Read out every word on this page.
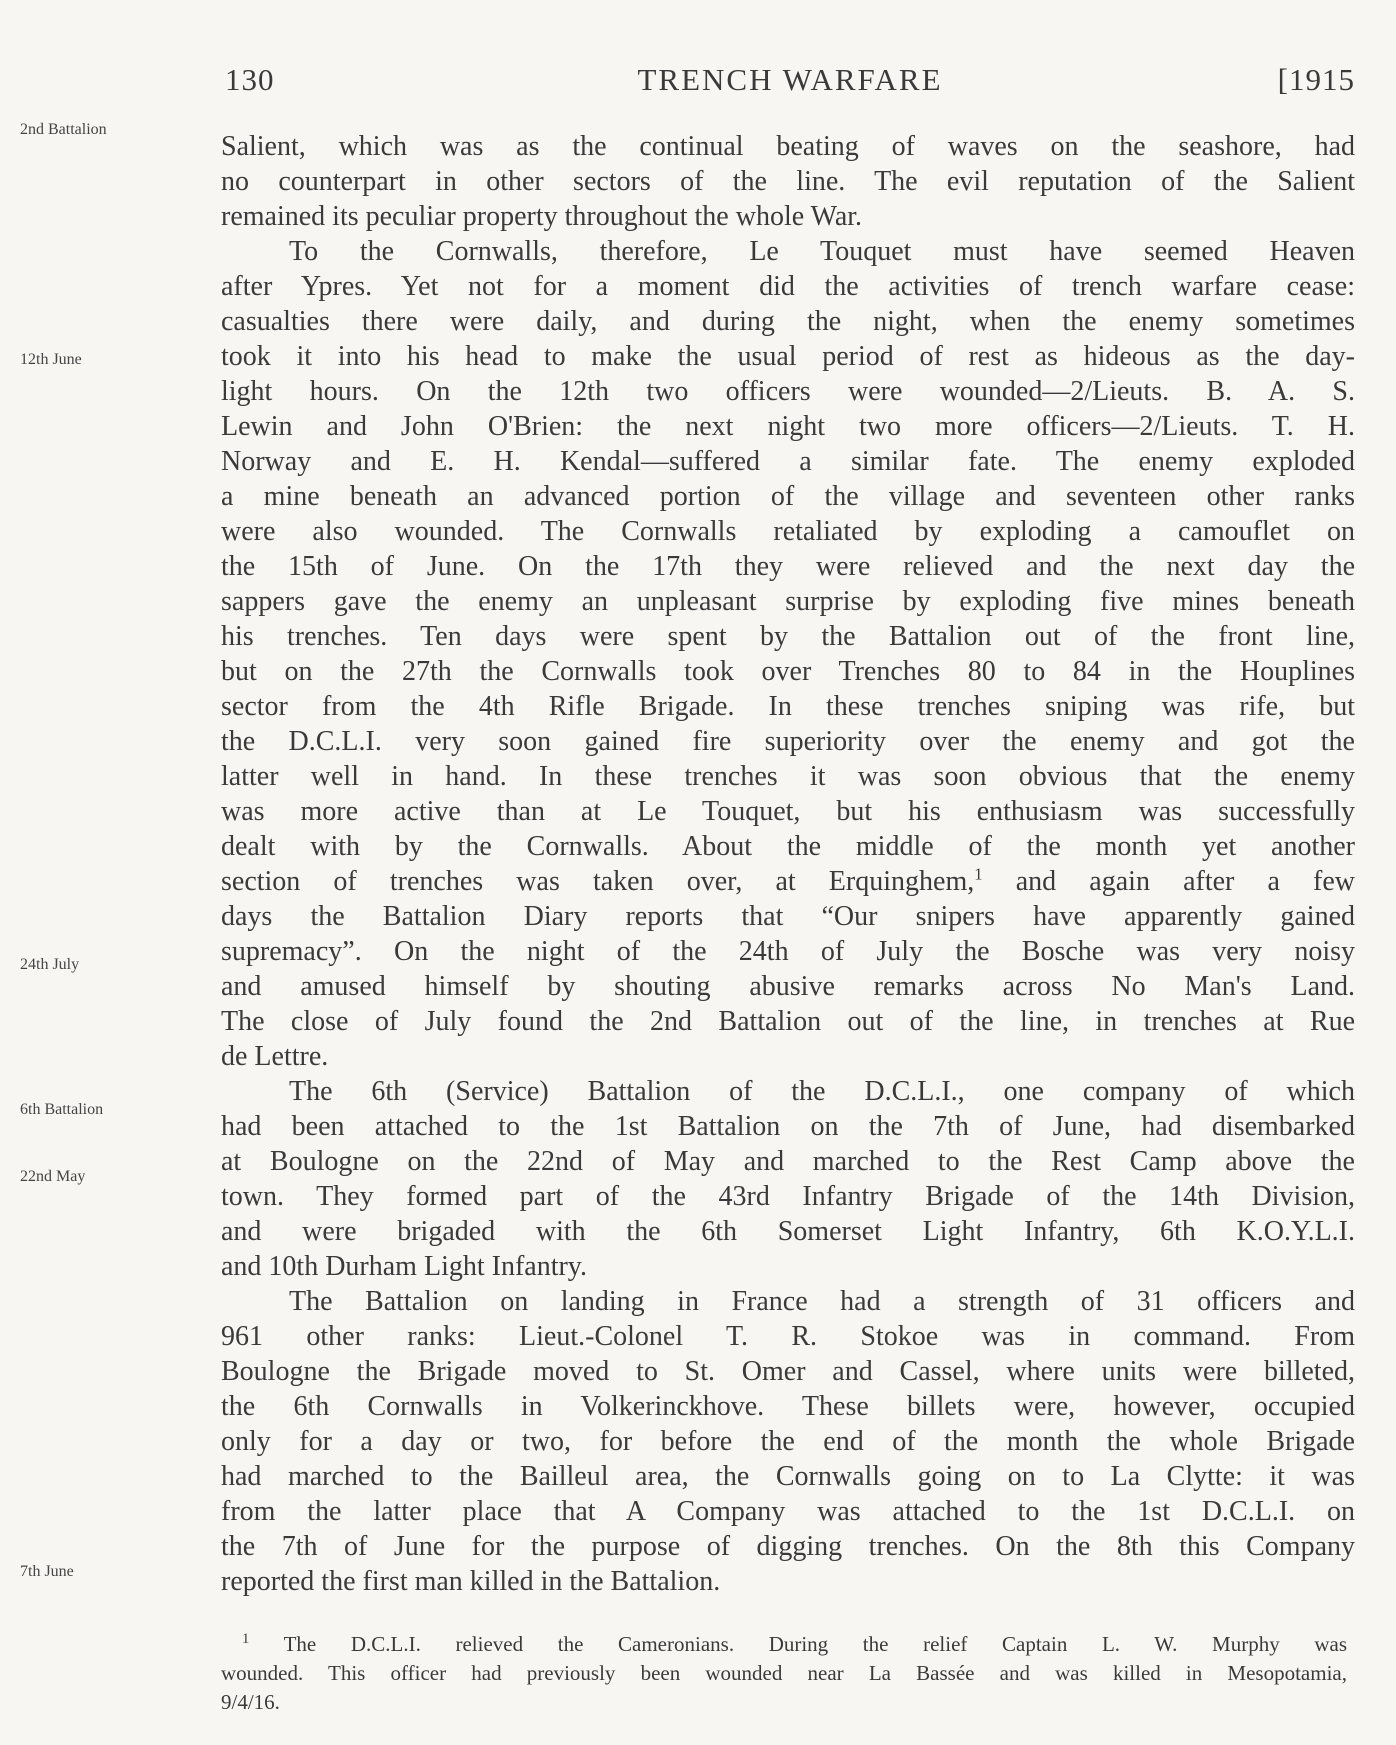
130	TRENCH WARFARE	[1915
2nd Battalion
12th June
24th July
6th Battalion
22nd May
7th June
Salient, which was as the continual beating of waves on the seashore, had
no counterpart in other sectors of the line. The evil reputation of the Salient
remained its peculiar property throughout the whole War.
To the Cornwalls, therefore, Le Touquet must have seemed Heaven
after Ypres. Yet not for a moment did the activities of trench warfare cease:
casualties there were daily, and during the night, when the enemy sometimes
took it into his head to make the usual period of rest as hideous as the day-
light hours. On the 12th two officers were wounded—2/Lieuts. B. A. S.
Lewin and John O'Brien: the next night two more officers—2/Lieuts. T. H.
Norway and E. H. Kendal—suffered a similar fate. The enemy exploded
a mine beneath an advanced portion of the village and seventeen other ranks
were also wounded. The Cornwalls retaliated by exploding a camouflet on
the 15th of June. On the 17th they were relieved and the next day the
sappers gave the enemy an unpleasant surprise by exploding five mines beneath
his trenches. Ten days were spent by the Battalion out of the front line,
but on the 27th the Cornwalls took over Trenches 80 to 84 in the Houplines
sector from the 4th Rifle Brigade. In these trenches sniping was rife, but
the D.C.L.I. very soon gained fire superiority over the enemy and got the
latter well in hand. In these trenches it was soon obvious that the enemy
was more active than at Le Touquet, but his enthusiasm was successfully
dealt with by the Cornwalls. About the middle of the month yet another
section of trenches was taken over, at Erquinghem,$^1$ and again after a few
days the Battalion Diary reports that “Our snipers have apparently gained
supremacy”. On the night of the 24th of July the Bosche was very noisy
and amused himself by shouting abusive remarks across No Man's Land.
The close of July found the 2nd Battalion out of the line, in trenches at Rue
de Lettre.
The 6th (Service) Battalion of the D.C.L.I., one company of which
had been attached to the 1st Battalion on the 7th of June, had disembarked
at Boulogne on the 22nd of May and marched to the Rest Camp above the
town. They formed part of the 43rd Infantry Brigade of the 14th Division,
and were brigaded with the 6th Somerset Light Infantry, 6th K.O.Y.L.I.
and 10th Durham Light Infantry.
The Battalion on landing in France had a strength of 31 officers and
961 other ranks: Lieut.-Colonel T. R. Stokoe was in command. From
Boulogne the Brigade moved to St. Omer and Cassel, where units were billeted,
the 6th Cornwalls in Volkerinckhove. These billets were, however, occupied
only for a day or two, for before the end of the month the whole Brigade
had marched to the Bailleul area, the Cornwalls going on to La Clytte: it was
from the latter place that A Company was attached to the 1st D.C.L.I. on
the 7th of June for the purpose of digging trenches. On the 8th this Company
reported the first man killed in the Battalion.
$^1$ The D.C.L.I. relieved the Cameronians. During the relief Captain L. W. Murphy was
wounded. This officer had previously been wounded near La Bassée and was killed in Mesopotamia,
9/4/16.
